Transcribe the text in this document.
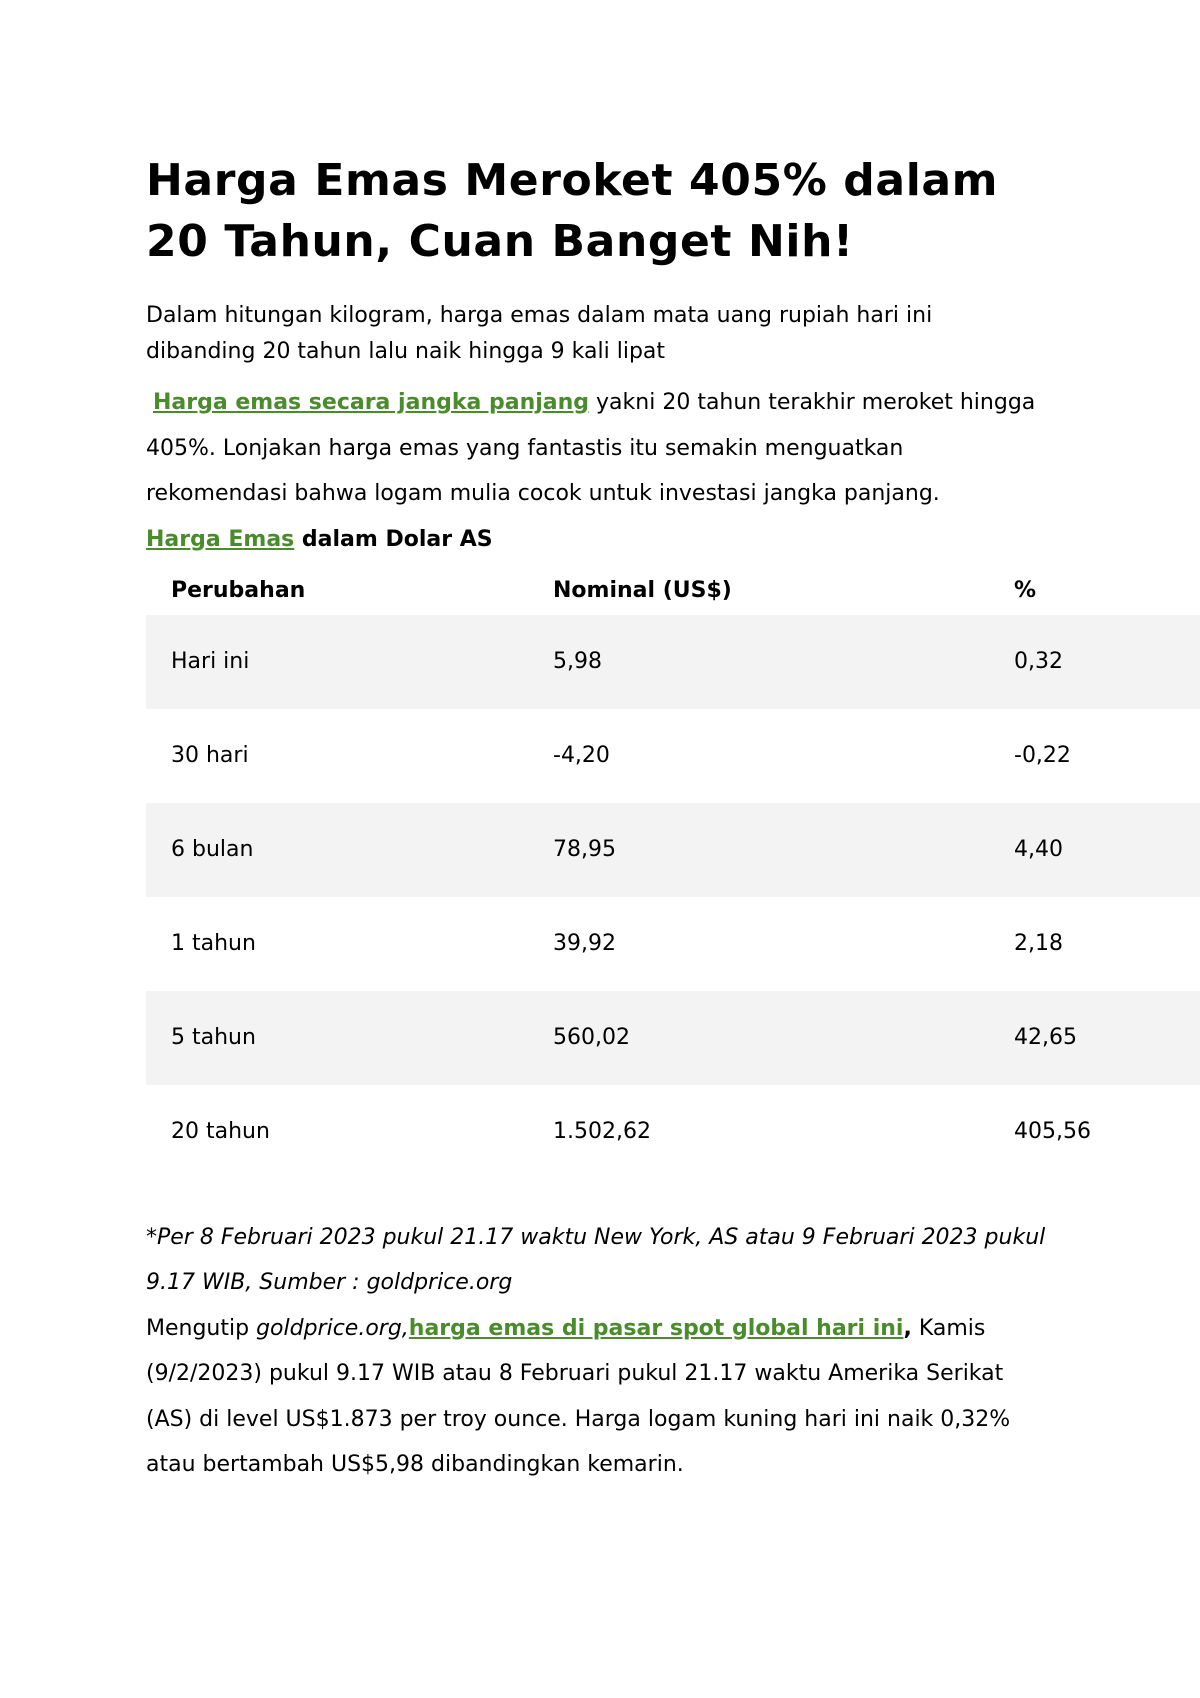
Harga Emas Meroket 405% dalam 20 Tahun, Cuan Banget Nih!

Dalam hitungan kilogram, harga emas dalam mata uang rupiah hari ini dibanding 20 tahun lalu naik hingga 9 kali lipat

Harga emas secara jangka panjang yakni 20 tahun terakhir meroket hingga 405%. Lonjakan harga emas yang fantastis itu semakin menguatkan rekomendasi bahwa logam mulia cocok untuk investasi jangka panjang.

Harga Emas dalam Dolar AS

Perubahan	Nominal (US$)	%
Hari ini	5,98	0,32
30 hari	-4,20	-0,22
6 bulan	78,95	4,40
1 tahun	39,92	2,18
5 tahun	560,02	42,65
20 tahun	1.502,62	405,56

*Per 8 Februari 2023 pukul 21.17 waktu New York, AS atau 9 Februari 2023 pukul 9.17 WIB, Sumber : goldprice.org

Mengutip goldprice.org,harga emas di pasar spot global hari ini, Kamis (9/2/2023) pukul 9.17 WIB atau 8 Februari pukul 21.17 waktu Amerika Serikat (AS) di level US$1.873 per troy ounce. Harga logam kuning hari ini naik 0,32% atau bertambah US$5,98 dibandingkan kemarin.
